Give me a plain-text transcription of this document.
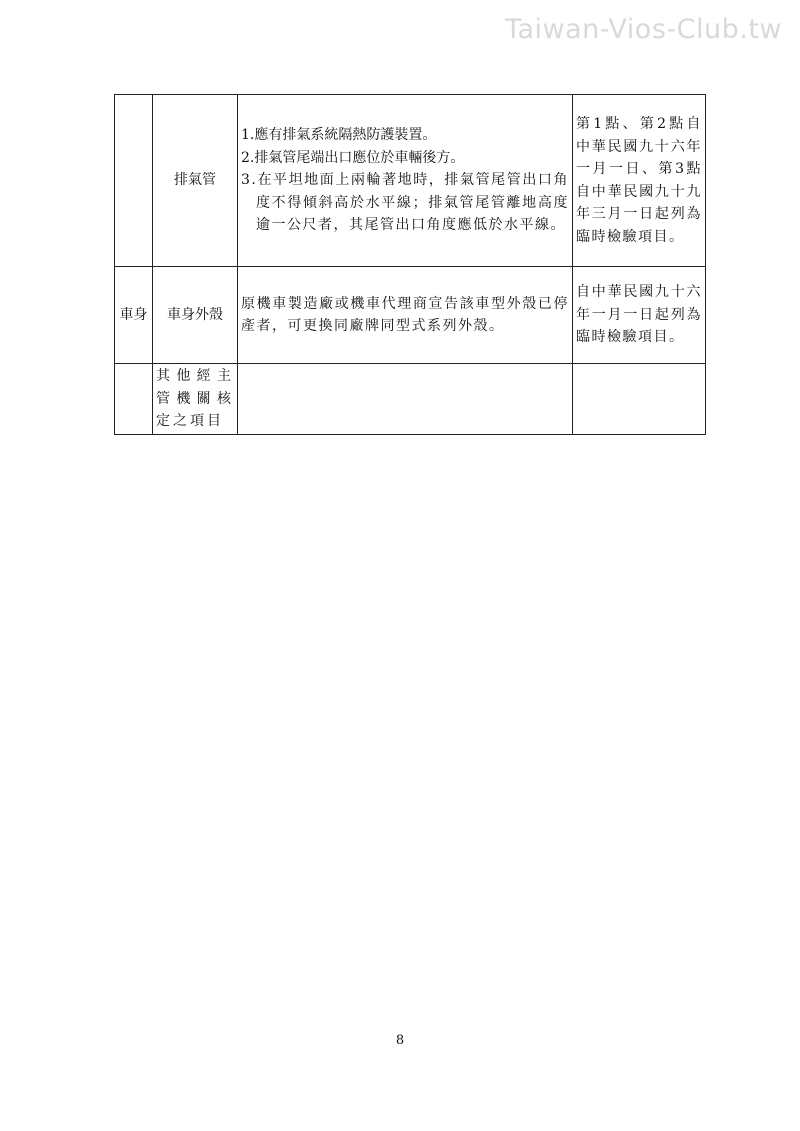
Taiwan-Vios-Club.tw
	排氣管	1.應有排氣系統隔熱防護裝置。
2.排氣管尾端出口應位於車輛後方。
3.在平坦地面上兩輪著地時，排氣管尾管出口角度不得傾斜高於水平線；排氣管尾管離地高度逾一公尺者，其尾管出口角度應低於水平線。	第1點、第2點自中華民國九十六年一月一日、第3點自中華民國九十九年三月一日起列為臨時檢驗項目。
車身	車身外殼	原機車製造廠或機車代理商宣告該車型外殼已停產者，可更換同廠牌同型式系列外殼。	自中華民國九十六年一月一日起列為臨時檢驗項目。
	其他經主管機關核定之項目		
8
